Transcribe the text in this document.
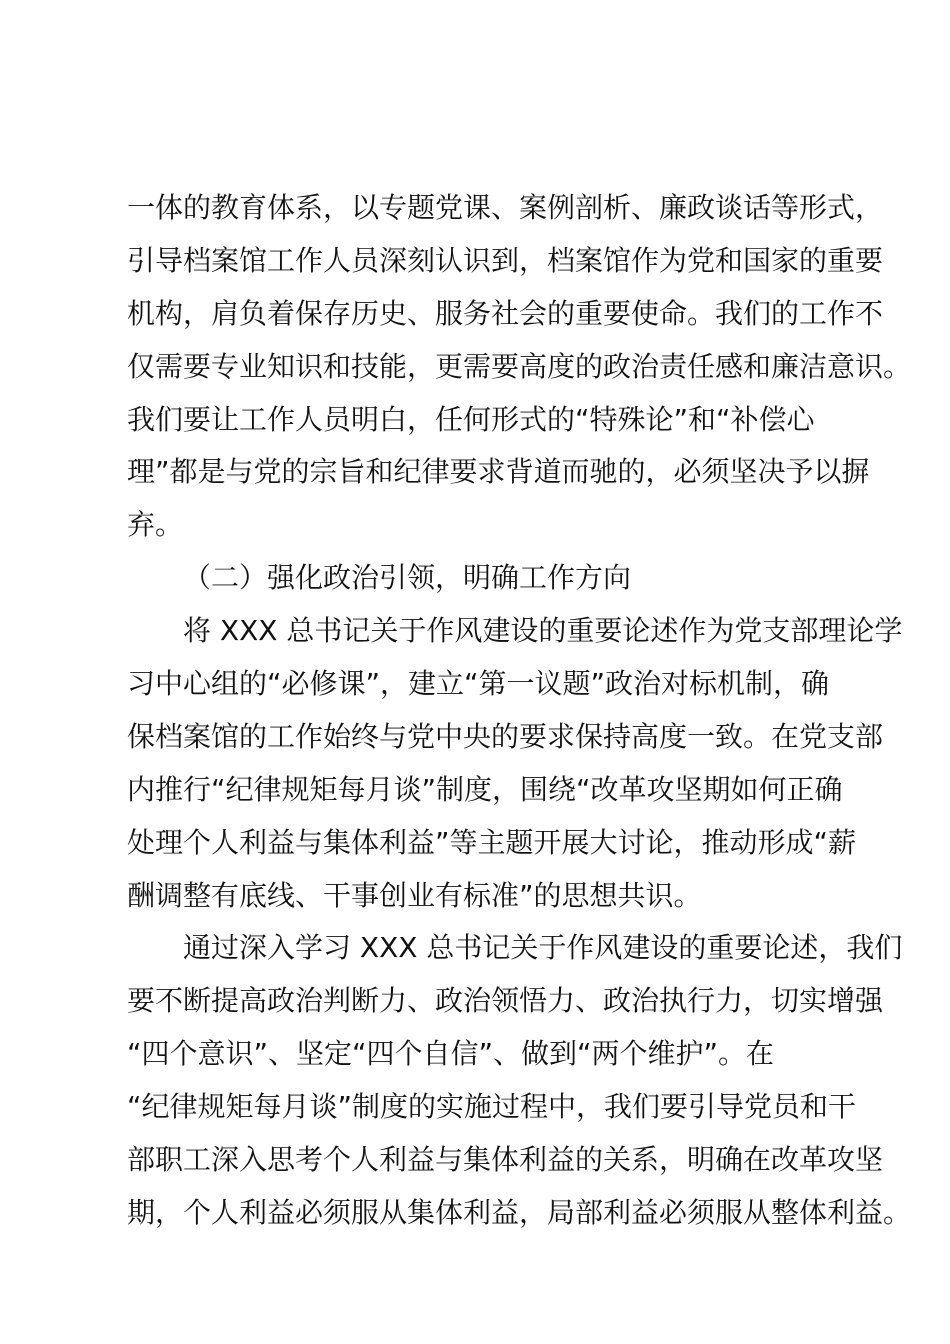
一体的教育体系，以专题党课、案例剖析、廉政谈话等形式，
引导档案馆工作人员深刻认识到，档案馆作为党和国家的重要
机构，肩负着保存历史、服务社会的重要使命。我们的工作不
仅需要专业知识和技能，更需要高度的政治责任感和廉洁意识。
我们要让工作人员明白，任何形式的“特殊论”和“补偿心
理”都是与党的宗旨和纪律要求背道而驰的，必须坚决予以摒
弃。
（二）强化政治引领，明确工作方向
将 XXX 总书记关于作风建设的重要论述作为党支部理论学
习中心组的“必修课”，建立“第一议题”政治对标机制，确
保档案馆的工作始终与党中央的要求保持高度一致。在党支部
内推行“纪律规矩每月谈”制度，围绕“改革攻坚期如何正确
处理个人利益与集体利益”等主题开展大讨论，推动形成“薪
酬调整有底线、干事创业有标准”的思想共识。
通过深入学习 XXX 总书记关于作风建设的重要论述，我们
要不断提高政治判断力、政治领悟力、政治执行力，切实增强
“四个意识”、坚定“四个自信”、做到“两个维护”。在
“纪律规矩每月谈”制度的实施过程中，我们要引导党员和干
部职工深入思考个人利益与集体利益的关系，明确在改革攻坚
期，个人利益必须服从集体利益，局部利益必须服从整体利益。
